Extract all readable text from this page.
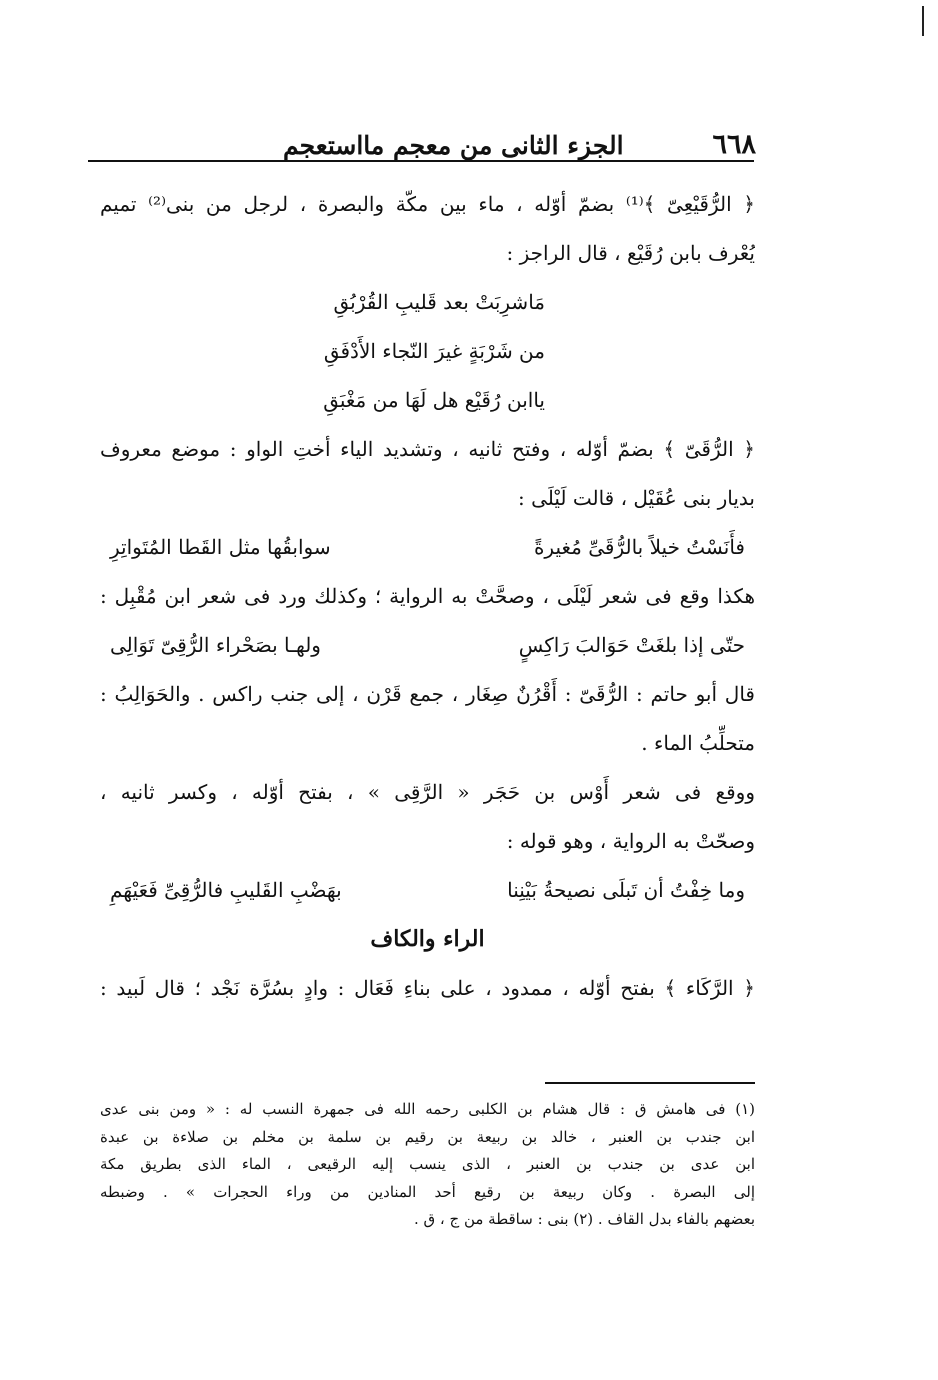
٦٦٨
الجزء الثانى من معجم مااستعجم
﴿ الرُّقَيْعِىّ ﴾⁽¹⁾ بضمّ أوّله ، ماء بين مكّة والبصرة ، لرجل من بنى⁽²⁾ تميم
يُعْرف بابن رُقَيْع ، قال الراجز :
مَاشرِبَتْ بعد قَليبِ القُرْبُقِ
من شَرْبَةٍ غيرَ النّجاء الأَدْفَقِ
ياابن رُقَيْع هل لَهَا من مَغْبَقِ
﴿ الرُّقَىّ ﴾ بضمّ أوّله ، وفتح ثانيه ، وتشديد الياء أختِ الواو : موضع معروف
بديار بنى عُقَيْل ، قالت لَيْلَى :
فأَنَسْتُ خيلاً بالرُّقَىِّ مُغيرةً
سوابقُها مثل القَطا المُتَواتِرِ
هكذا وقع فى شعر لَيْلَى ، وصحَّتْ به الرواية ؛ وكذلك ورد فى شعر ابن مُقْبِل :
حتّى إذا بلغَتْ حَوَالبَ رَاكِسٍ
ولهـا بصَحْراء الرُّقِىّ تَوَالِى
قال أبو حاتم : الرُّقَىّ : أَقْرُنٌ صِغَار ، جمع قَرْن ، إلى جنب راكس . والحَوَالِبُ :
متحلِّبُ الماء .
ووقع فى شعر أَوْس بن حَجَر « الرَّقِى » ، بفتح أوّله ، وكسر ثانيه ،
وصحّتْ به الرواية ، وهو قوله :
وما خِفْتُ أن تَبلَى نصيحةُ بَيْنِنا
بهَضْبِ القَليبِ فالرُّقِىِّ فَعَيْهَمِ
الراء والكاف
﴿ الرَّكَاء ﴾ بفتح أوّله ، ممدود ، على بناءِ فَعَال : وادٍ بسُرَّة نَجْد ؛ قال لَبيد :
(١) فى هامش ق : قال هشام بن الكلبى رحمه الله فى جمهرة النسب له : « ومن بنى عدى
ابن جندب بن العنبر ، خالد بن ربيعة بن رقيم بن سلمة بن مخلم بن صلاءة بن عبدة
ابن عدى بن جندب بن العنبر ، الذى ينسب إليه الرقيعى ، الماء الذى بطريق مكة
إلى البصرة . وكان ربيعة بن رقيع أحد المنادين من وراء الحجرات » . وضبطه
بعضهم بالفاء بدل القاف . (٢) بنى : ساقطة من ج ، ق .
